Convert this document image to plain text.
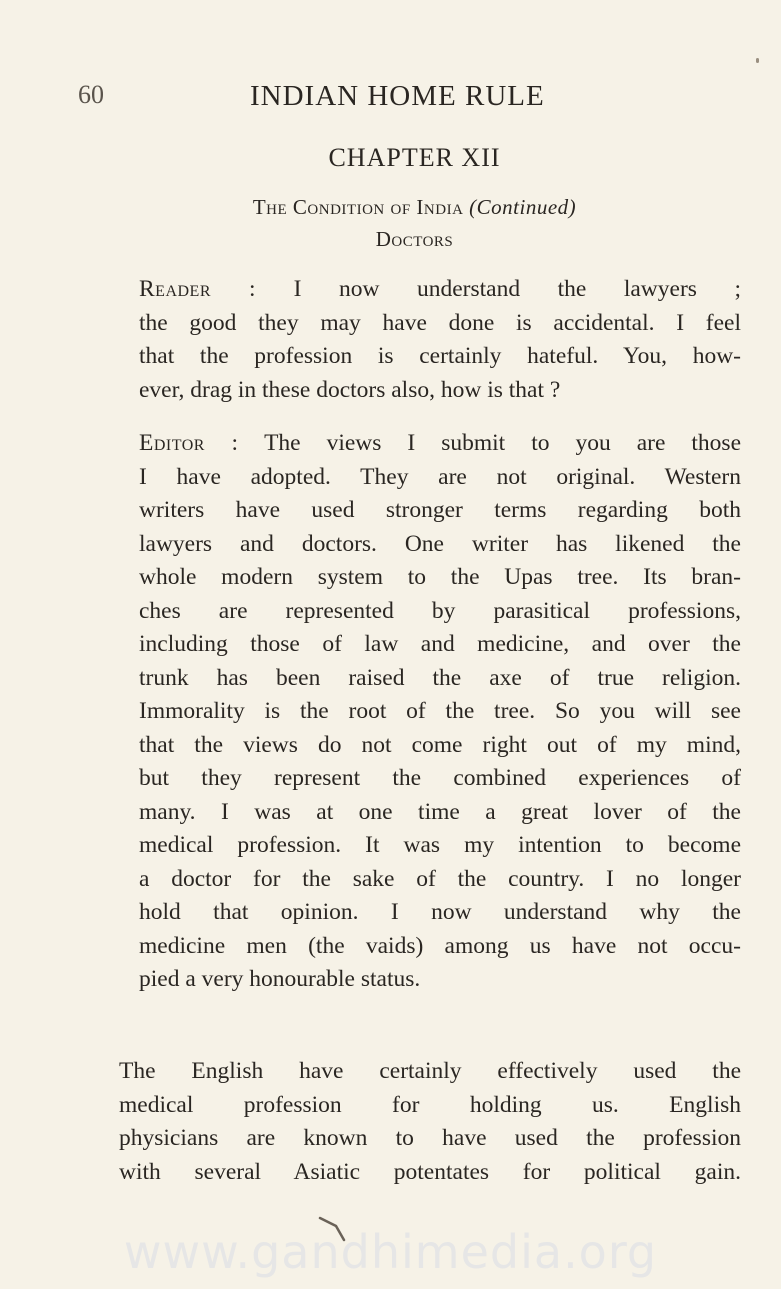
60	INDIAN HOME RULE
CHAPTER XII
The Condition of India (Continued)
Doctors

Reader : I now understand the lawyers ;
the good they may have done is accidental. I feel
that the profession is certainly hateful. You, how-
ever, drag in these doctors also, how is that ?

Editor : The views I submit to you are those
I have adopted. They are not original. Western
writers have used stronger terms regarding both
lawyers and doctors. One writer has likened the
whole modern system to the Upas tree. Its bran-
ches are represented by parasitical professions,
including those of law and medicine, and over the
trunk has been raised the axe of true religion.
Immorality is the root of the tree. So you will see
that the views do not come right out of my mind,
but they represent the combined experiences of
many. I was at one time a great lover of the
medical profession. It was my intention to become
a doctor for the sake of the country. I no longer
hold that opinion. I now understand why the
medicine men (the vaids) among us have not occu-
pied a very honourable status.

The English have certainly effectively used the
medical profession for holding us. English
physicians are known to have used the profession
with several Asiatic potentates for political gain.

www.gandhimedia.org
